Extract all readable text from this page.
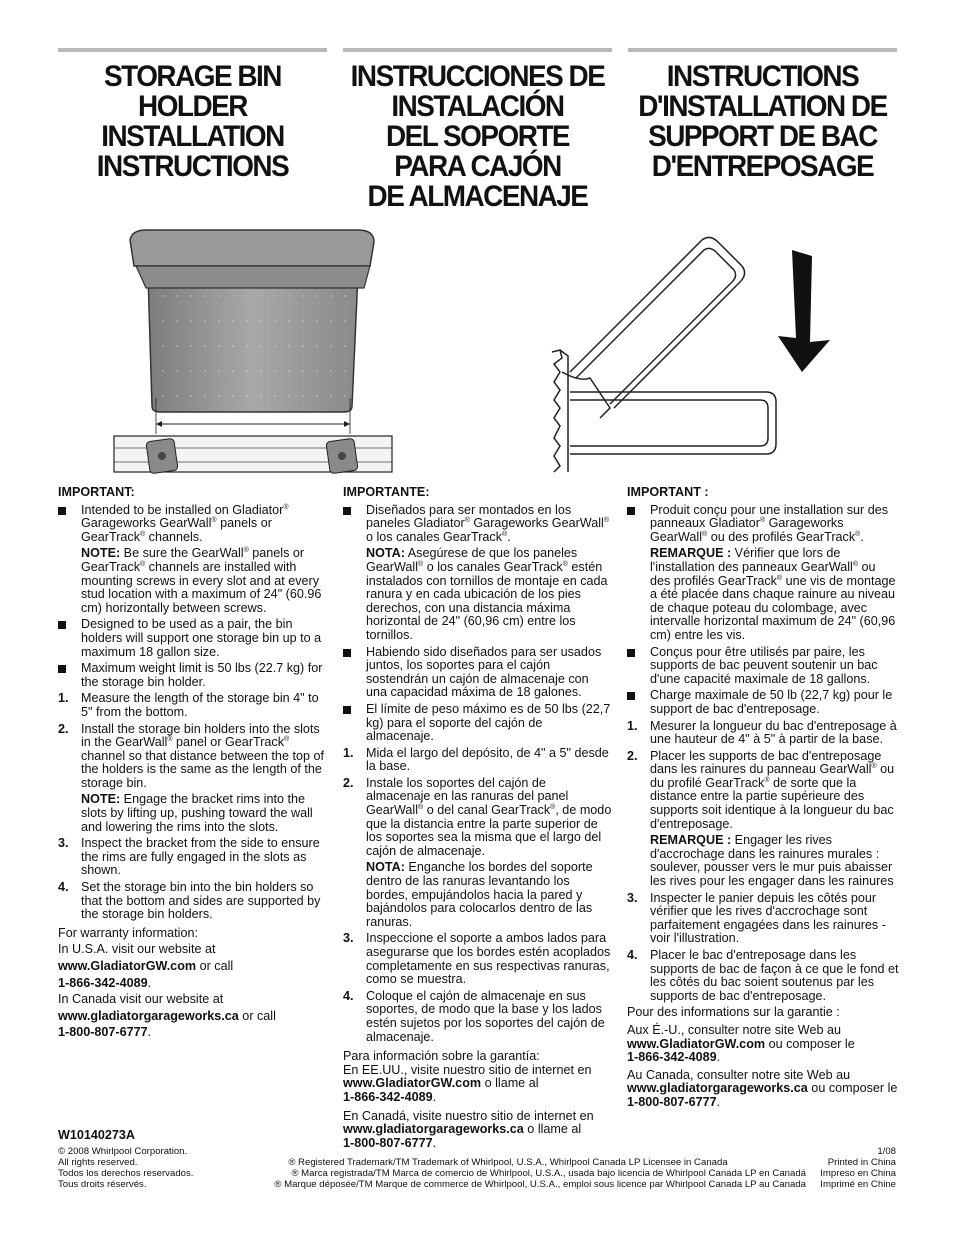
STORAGE BIN
HOLDER
INSTALLATION
INSTRUCTIONS
INSTRUCCIONES DE
INSTALACIÓN
DEL SOPORTE
PARA CAJÓN
DE ALMACENAJE
INSTRUCTIONS
D'INSTALLATION DE
SUPPORT DE BAC
D'ENTREPOSAGE

IMPORTANT:

Intended to be installed on Gladiator® Garageworks GearWall® panels or GearTrack® channels.

NOTE: Be sure the GearWall® panels or GearTrack® channels are installed with mounting screws in every slot and at every stud location with a maximum of 24" (60.96 cm) horizontally between screws.

Designed to be used as a pair, the bin holders will support one storage bin up to a maximum 18 gallon size.
Maximum weight limit is 50 lbs (22.7 kg) for the storage bin holder.
1. Measure the length of the storage bin 4" to 5" from the bottom.
2. Install the storage bin holders into the slots in the GearWall® panel or GearTrack® channel so that distance between the top of the holders is the same as the length of the storage bin.

NOTE: Engage the bracket rims into the slots by lifting up, pushing toward the wall and lowering the rims into the slots.

3. Inspect the bracket from the side to ensure the rims are fully engaged in the slots as shown.
4. Set the storage bin into the bin holders so that the bottom and sides are supported by the storage bin holders.
For warranty information:
In U.S.A. visit our website at
www.GladiatorGW.com or call
1-866-342-4089.
In Canada visit our website at
www.gladiatorgarageworks.ca or call
1-800-807-6777.

IMPORTANTE:

Diseñados para ser montados en los paneles Gladiator® Garageworks GearWall® o los canales GearTrack®.

NOTA: Asegúrese de que los paneles GearWall® o los canales GearTrack® estén instalados con tornillos de montaje en cada ranura y en cada ubicación de los pies derechos, con una distancia máxima horizontal de 24" (60,96 cm) entre los tornillos.

Habiendo sido diseñados para ser usados juntos, los soportes para el cajón sostendrán un cajón de almacenaje con una capacidad máxima de 18 galones.
El límite de peso máximo es de 50 lbs (22,7 kg) para el soporte del cajón de almacenaje.
1. Mida el largo del depósito, de 4" a 5" desde la base.
2. Instale los soportes del cajón de almacenaje en las ranuras del panel GearWall® o del canal GearTrack®, de modo que la distancia entre la parte superior de los soportes sea la misma que el largo del cajón de almacenaje.

NOTA: Enganche los bordes del soporte dentro de las ranuras levantando los bordes, empujándolos hacia la pared y bajándolos para colocarlos dentro de las ranuras.

3. Inspeccione el soporte a ambos lados para asegurarse que los bordes estén acoplados completamente en sus respectivas ranuras, como se muestra.
4. Coloque el cajón de almacenaje en sus soportes, de modo que la base y los lados estén sujetos por los soportes del cajón de almacenaje.
Para información sobre la garantía:
En EE.UU., visite nuestro sitio de internet en www.GladiatorGW.com o llame al
1-866-342-4089.
En Canadá, visite nuestro sitio de internet en www.gladiatorgarageworks.ca o llame al
1-800-807-6777.

IMPORTANT :

Produit conçu pour une installation sur des panneaux Gladiator® Garageworks GearWall® ou des profilés GearTrack®.

REMARQUE : Vérifier que lors de l'installation des panneaux GearWall® ou des profilés GearTrack® une vis de montage a été placée dans chaque rainure au niveau de chaque poteau du colombage, avec intervalle horizontal maximum de 24" (60,96 cm) entre les vis.

Conçus pour être utilisés par paire, les supports de bac peuvent soutenir un bac d'une capacité maximale de 18 gallons.
Charge maximale de 50 lb (22,7 kg) pour le support de bac d'entreposage.
1. Mesurer la longueur du bac d'entreposage à une hauteur de 4" à 5" à partir de la base.
2. Placer les supports de bac d'entreposage dans les rainures du panneau GearWall® ou du profilé GearTrack® de sorte que la distance entre la partie supérieure des supports soit identique à la longueur du bac d'entreposage.

REMARQUE : Engager les rives d'accrochage dans les rainures murales : soulever, pousser vers le mur puis abaisser les rives pour les engager dans les rainures

3. Inspecter le panier depuis les côtés pour vérifier que les rives d'accrochage sont parfaitement engagées dans les rainures - voir l'illustration.
4. Placer le bac d'entreposage dans les supports de bac de façon à ce que le fond et les côtés du bac soient soutenus par les supports de bac d'entreposage.
Pour des informations sur la garantie :
Aux É.-U., consulter notre site Web au www.GladiatorGW.com ou composer le
1-866-342-4089.
Au Canada, consulter notre site Web au www.gladiatorgarageworks.ca ou composer le 1-800-807-6777.
W10140273A
© 2008 Whirlpool Corporation.
All rights reserved.
Todos los derechos reservados.
Tous droits réservés.
® Registered Trademark/TM Trademark of Whirlpool, U.S.A., Whirlpool Canada LP Licensee in Canada
® Marca registrada/TM Marca de comercio de Whirlpool, U.S.A., usada bajo licencia de Whirlpool Canada LP en Canadá
® Marque déposée/TM Marque de commerce de Whirlpool, U.S.A., emploi sous licence par Whirlpool Canada LP au Canada
1/08
Printed in China
Impreso en China
Imprimé en Chine
